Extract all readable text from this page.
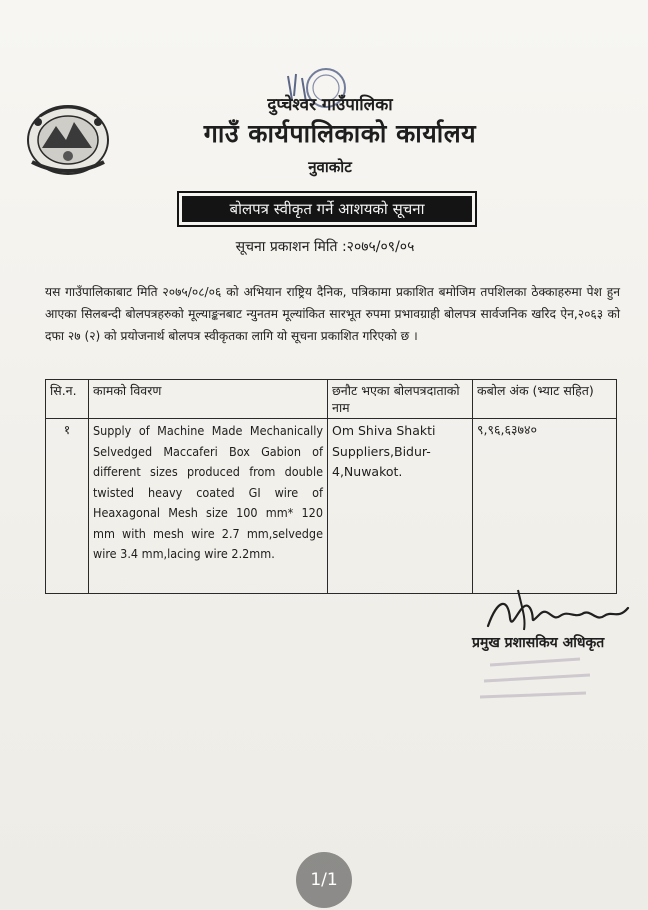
दुप्चेश्वर गाउँपालिका
गाउँ कार्यपालिकाको कार्यालय
नुवाकोट
बोलपत्र स्वीकृत गर्ने आशयको सूचना
सूचना प्रकाशन मिति :२०७५/०९/०५
यस गाउँपालिकाबाट मिति २०७५/०८/०६ को अभियान राष्ट्रिय दैनिक, पत्रिकामा प्रकाशित बमोजिम तपशिलका ठेक्काहरुमा पेश हुन आएका सिलबन्दी बोलपत्रहरुको मूल्याङ्कनबाट न्युनतम मूल्यांकित सारभूत रुपमा प्रभावग्राही बोलपत्र सार्वजनिक खरिद ऐन,२०६३ को दफा २७ (२) को प्रयोजनार्थ बोलपत्र स्वीकृतका लागि यो सूचना प्रकाशित गरिएको छ ।
सि.न.	कामको विवरण	छनौट भएका बोलपत्रदाताको नाम	कबोल अंक (भ्याट सहित)
१	Supply of Machine Made Mechanically Selvedged Maccaferi Box Gabion of different sizes produced from double twisted heavy coated GI wire of Heaxagonal Mesh size 100 mm* 120 mm with mesh wire 2.7 mm,selvedge wire 3.4 mm,lacing wire 2.2mm.	Om Shiva Shakti Suppliers,Bidur-4,Nuwakot.	९,९६,६३७४०
प्रमुख प्रशासकिय अधिकृत
1/1
